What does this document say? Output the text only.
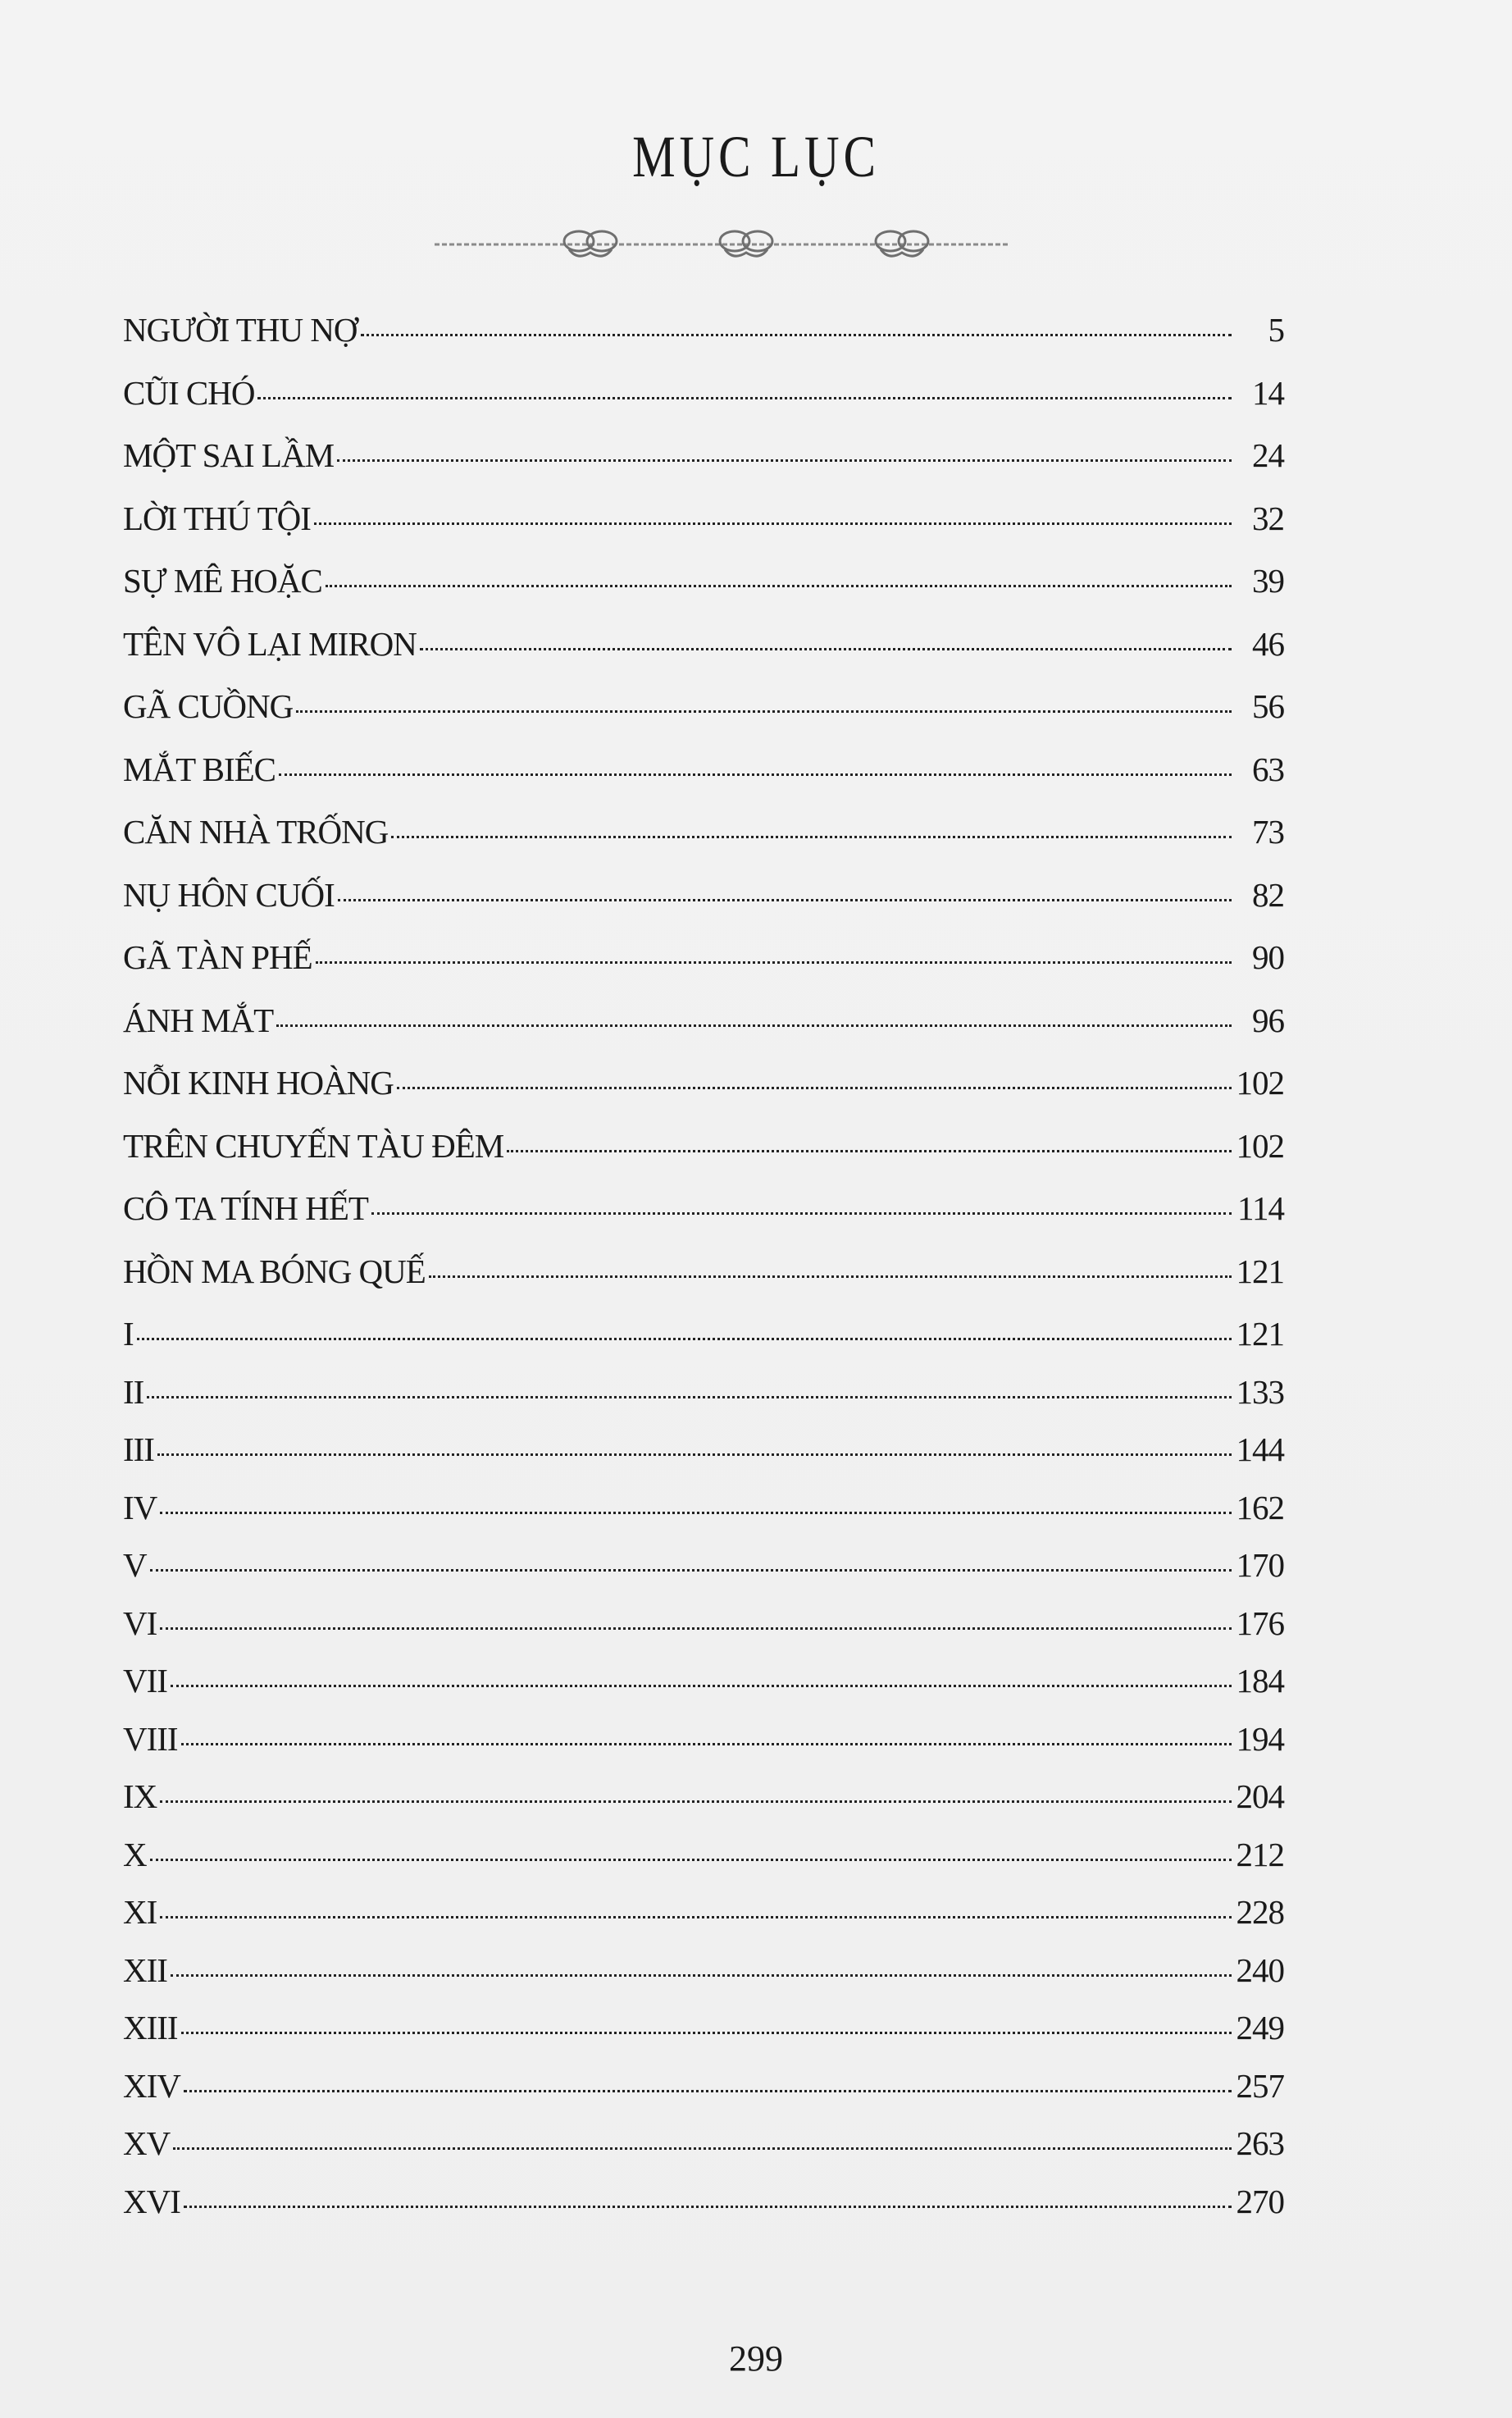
MỤC LỤC
NGƯỜI THU NỢ	5
CŨI CHÓ	14
MỘT SAI LẦM	24
LỜI THÚ TỘI	32
SỰ MÊ HOẶC	39
TÊN VÔ LẠI MIRON	46
GÃ CUỒNG	56
MẮT BIẾC	63
CĂN NHÀ TRỐNG	73
NỤ HÔN CUỐI	82
GÃ TÀN PHẾ	90
ÁNH MẮT	96
NỖI KINH HOÀNG	102
TRÊN CHUYẾN TÀU ĐÊM	102
CÔ TA TÍNH HẾT	114
HỒN MA BÓNG QUẾ	121
I	121
II	133
III	144
IV	162
V	170
VI	176
VII	184
VIII	194
IX	204
X	212
XI	228
XII	240
XIII	249
XIV	257
XV	263
XVI	270
299
